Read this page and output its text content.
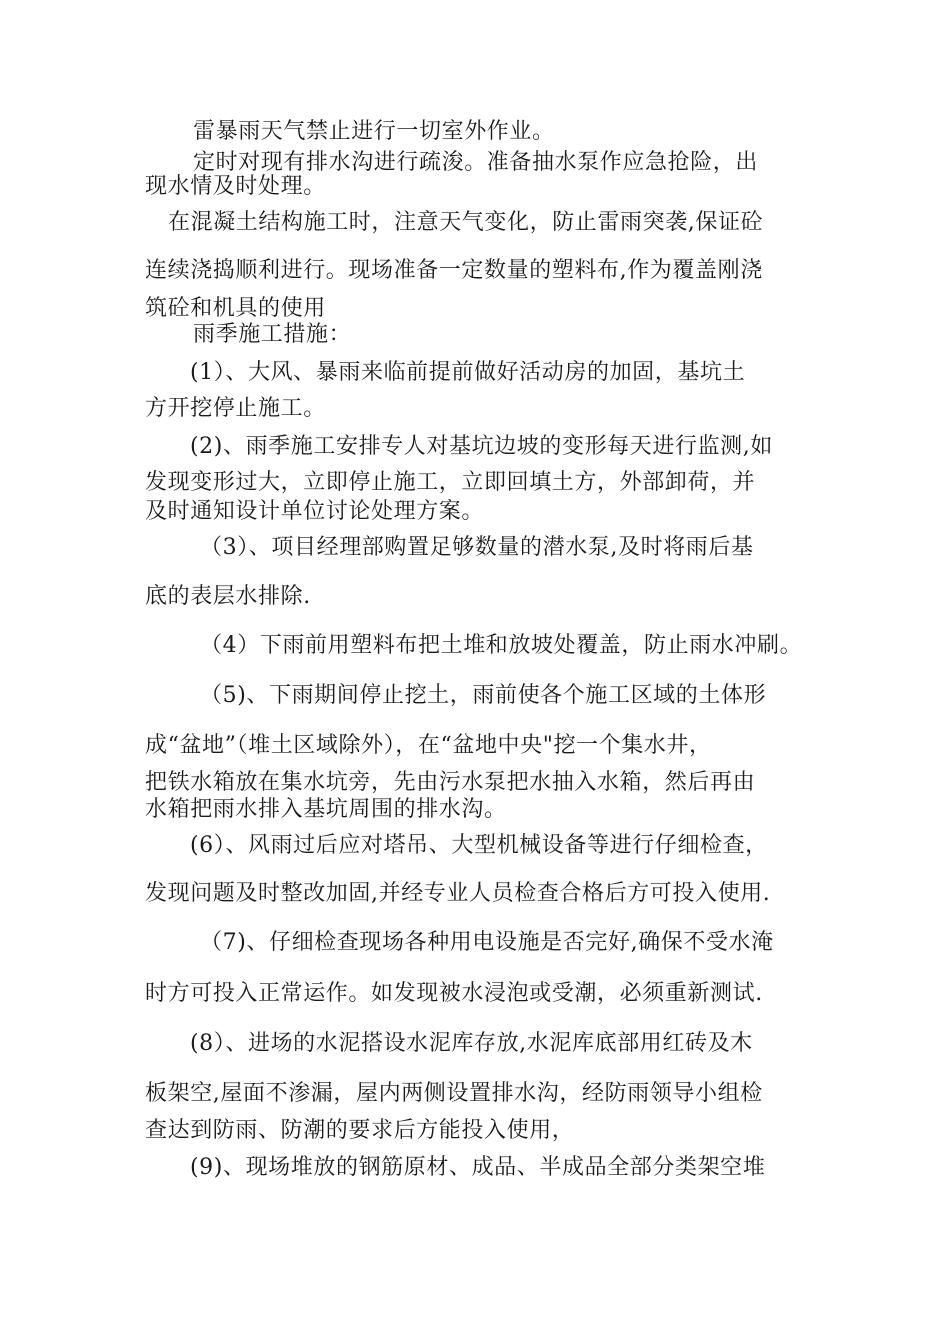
雷暴雨天气禁止进行一切室外作业。
定时对现有排水沟进行疏浚。准备抽水泵作应急抢险，出
现水情及时处理。
在混凝土结构施工时，注意天气变化，防止雷雨突袭,保证砼
连续浇捣顺利进行。现场准备一定数量的塑料布,作为覆盖刚浇
筑砼和机具的使用
雨季施工措施：
(1）、大风、暴雨来临前提前做好活动房的加固，基坑土
方开挖停止施工。
(2)、雨季施工安排专人对基坑边坡的变形每天进行监测,如
发现变形过大，立即停止施工，立即回填土方，外部卸荷，并
及时通知设计单位讨论处理方案。
（3）、项目经理部购置足够数量的潜水泵,及时将雨后基
底的表层水排除.
（4）下雨前用塑料布把土堆和放坡处覆盖，防止雨水冲刷。
（5)、下雨期间停止挖土，雨前使各个施工区域的土体形
成“盆地”（堆土区域除外），在“盆地中央"挖一个集水井，
把铁水箱放在集水坑旁，先由污水泵把水抽入水箱，然后再由
水箱把雨水排入基坑周围的排水沟。
(6）、风雨过后应对塔吊、大型机械设备等进行仔细检查，
发现问题及时整改加固,并经专业人员检查合格后方可投入使用.
（7)、仔细检查现场各种用电设施是否完好,确保不受水淹
时方可投入正常运作。如发现被水浸泡或受潮，必须重新测试.
(8）、进场的水泥搭设水泥库存放,水泥库底部用红砖及木
板架空,屋面不渗漏，屋内两侧设置排水沟，经防雨领导小组检
查达到防雨、防潮的要求后方能投入使用，
(9)、现场堆放的钢筋原材、成品、半成品全部分类架空堆
